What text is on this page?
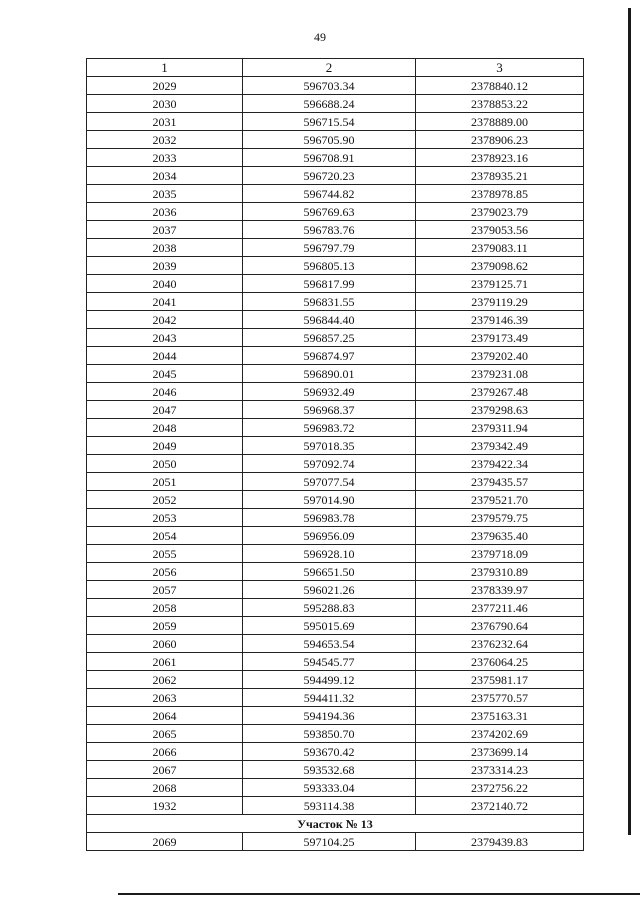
49
1	2	3
2029	596703.34	2378840.12
2030	596688.24	2378853.22
2031	596715.54	2378889.00
2032	596705.90	2378906.23
2033	596708.91	2378923.16
2034	596720.23	2378935.21
2035	596744.82	2378978.85
2036	596769.63	2379023.79
2037	596783.76	2379053.56
2038	596797.79	2379083.11
2039	596805.13	2379098.62
2040	596817.99	2379125.71
2041	596831.55	2379119.29
2042	596844.40	2379146.39
2043	596857.25	2379173.49
2044	596874.97	2379202.40
2045	596890.01	2379231.08
2046	596932.49	2379267.48
2047	596968.37	2379298.63
2048	596983.72	2379311.94
2049	597018.35	2379342.49
2050	597092.74	2379422.34
2051	597077.54	2379435.57
2052	597014.90	2379521.70
2053	596983.78	2379579.75
2054	596956.09	2379635.40
2055	596928.10	2379718.09
2056	596651.50	2379310.89
2057	596021.26	2378339.97
2058	595288.83	2377211.46
2059	595015.69	2376790.64
2060	594653.54	2376232.64
2061	594545.77	2376064.25
2062	594499.12	2375981.17
2063	594411.32	2375770.57
2064	594194.36	2375163.31
2065	593850.70	2374202.69
2066	593670.42	2373699.14
2067	593532.68	2373314.23
2068	593333.04	2372756.22
1932	593114.38	2372140.72
Участок № 13		
2069	597104.25	2379439.83
